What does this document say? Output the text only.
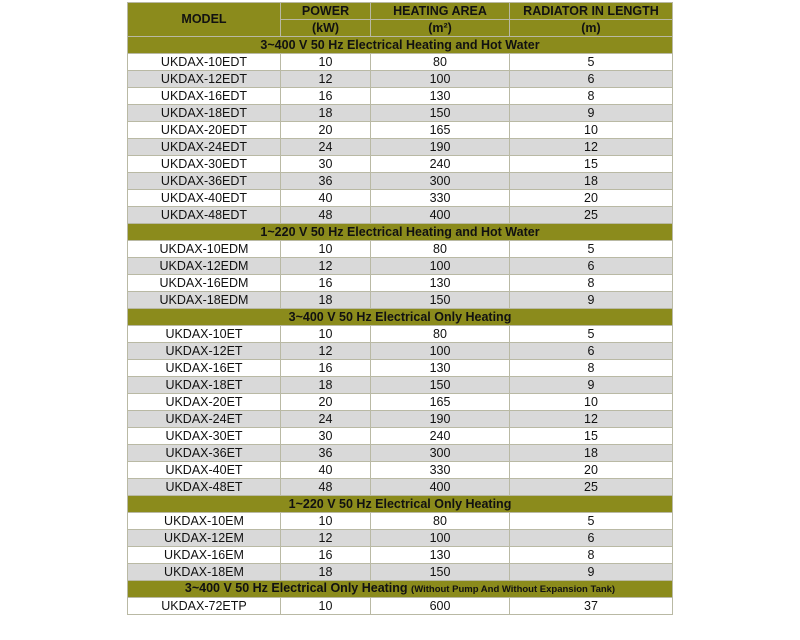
MODEL	POWER	HEATING AREA	RADIATOR IN LENGTH
	(kW)	(m²)	(m)
3~400 V 50 Hz Electrical Heating and Hot Water			
UKDAX-10EDT	10	80	5
UKDAX-12EDT	12	100	6
UKDAX-16EDT	16	130	8
UKDAX-18EDT	18	150	9
UKDAX-20EDT	20	165	10
UKDAX-24EDT	24	190	12
UKDAX-30EDT	30	240	15
UKDAX-36EDT	36	300	18
UKDAX-40EDT	40	330	20
UKDAX-48EDT	48	400	25
1~220 V 50 Hz Electrical Heating and Hot Water			
UKDAX-10EDM	10	80	5
UKDAX-12EDM	12	100	6
UKDAX-16EDM	16	130	8
UKDAX-18EDM	18	150	9
3~400 V 50 Hz Electrical Only Heating			
UKDAX-10ET	10	80	5
UKDAX-12ET	12	100	6
UKDAX-16ET	16	130	8
UKDAX-18ET	18	150	9
UKDAX-20ET	20	165	10
UKDAX-24ET	24	190	12
UKDAX-30ET	30	240	15
UKDAX-36ET	36	300	18
UKDAX-40ET	40	330	20
UKDAX-48ET	48	400	25
1~220 V 50 Hz Electrical Only Heating			
UKDAX-10EM	10	80	5
UKDAX-12EM	12	100	6
UKDAX-16EM	16	130	8
UKDAX-18EM	18	150	9
3~400 V 50 Hz Electrical Only Heating (Without Pump And Without Expansion Tank)			
UKDAX-72ETP	10	600	37
